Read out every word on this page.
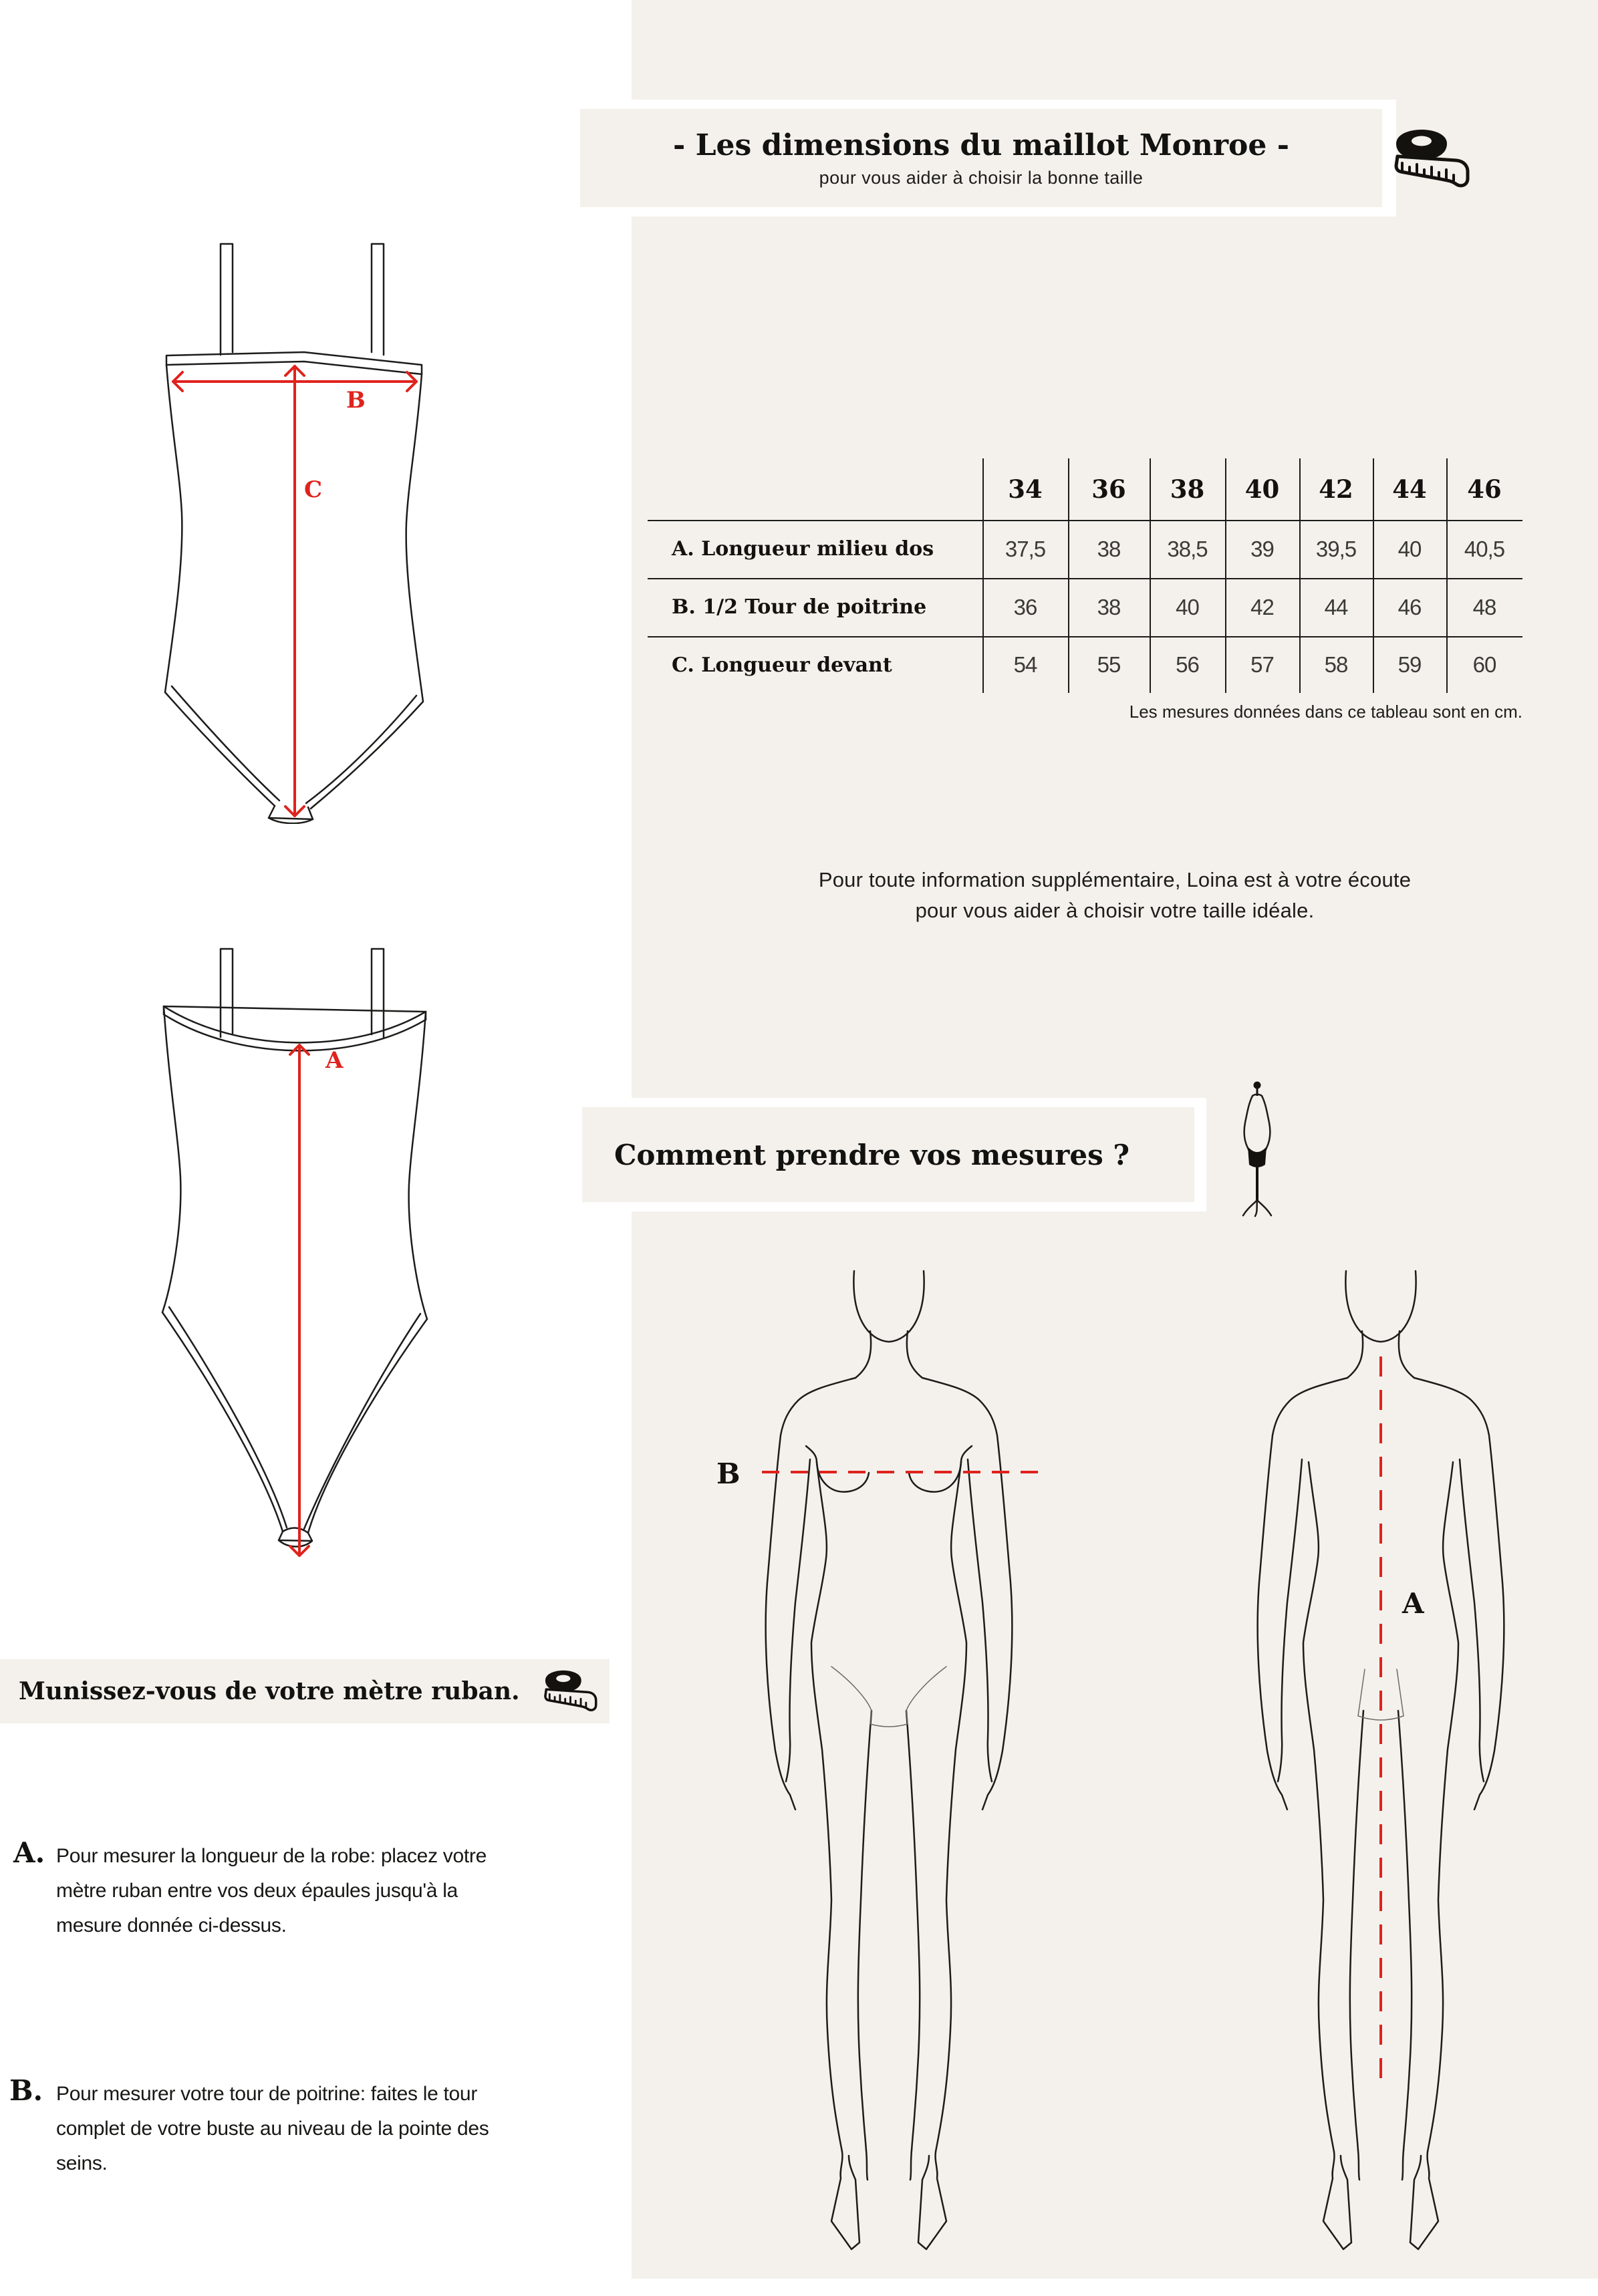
- Les dimensions du maillot Monroe -
pour vous aider à choisir la bonne taille
B
C	34	36	38	40	42	44	46
A. Longueur milieu dos	37,5	38	38,5	39	39,5	40	40,5
B. 1/2 Tour de poitrine	36	38	40	42	44	46	48
C. Longueur devant	54	55	56	57	58	59	60
Les mesures données dans ce tableau sont en cm.
Pour toute information supplémentaire, Loina est à votre écoute
pour vous aider à choisir votre taille idéale.
A
Comment prendre vos mesures ?
B
A
Munissez-vous de votre mètre ruban.
A. Pour mesurer la longueur de la robe: placez votre mètre ruban entre vos deux épaules jusqu'à la mesure donnée ci-dessus.
B. Pour mesurer votre tour de poitrine: faites le tour complet de votre buste au niveau de la pointe des seins.
